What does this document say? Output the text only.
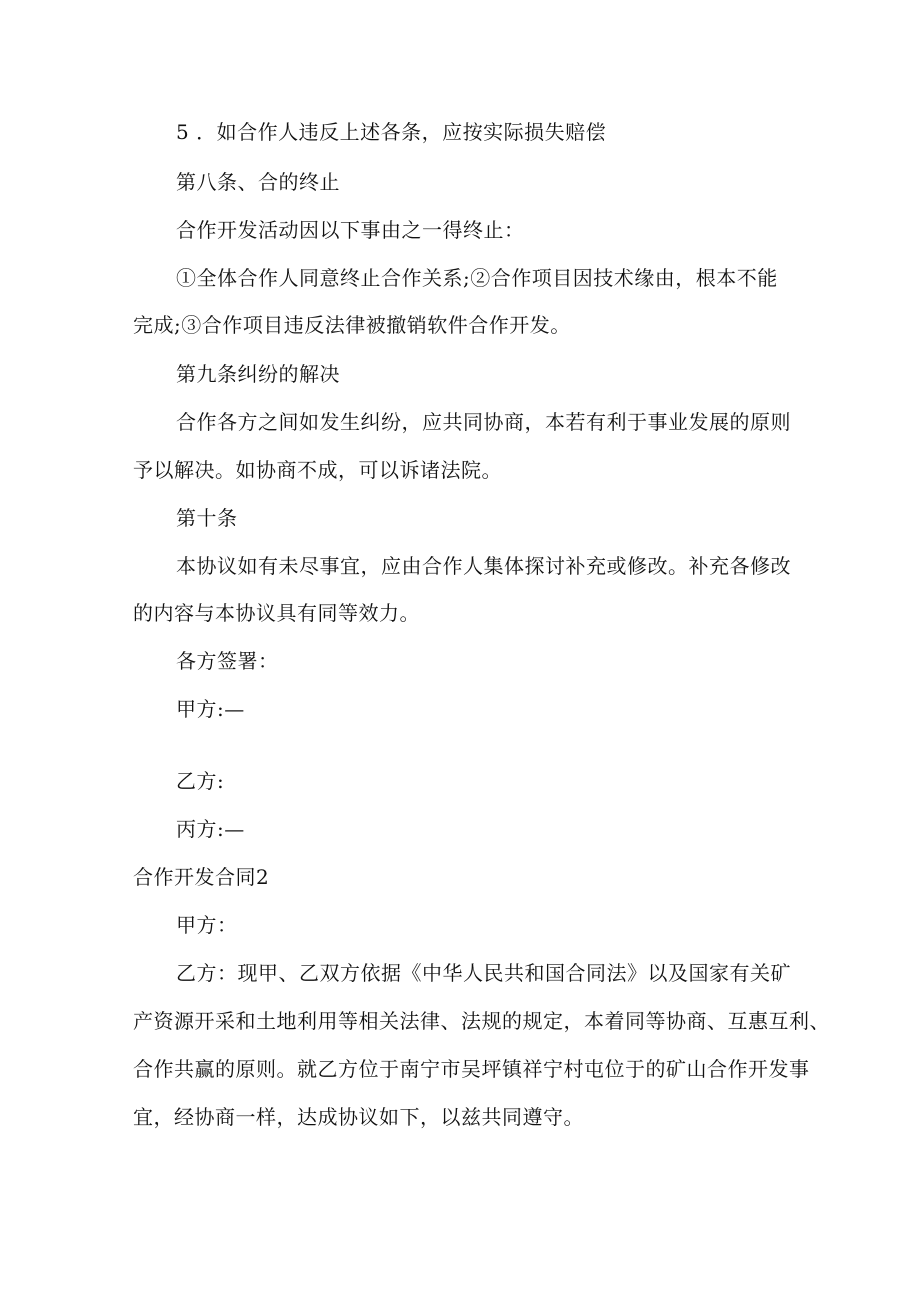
5 ．如合作人违反上述各条，应按实际损失赔偿
第八条、合的终止
合作开发活动因以下事由之一得终止：
①全体合作人同意终止合作关系;②合作项目因技术缘由，根本不能
完成;③合作项目违反法律被撤销软件合作开发。
第九条纠纷的解决
合作各方之间如发生纠纷，应共同协商，本若有利于事业发展的原则
予以解决。如协商不成，可以诉诸法院。
第十条
本协议如有未尽事宜，应由合作人集体探讨补充或修改。补充各修改
的内容与本协议具有同等效力。
各方签署：
甲方:—
乙方:
丙方:—
合作开发合同2
甲方：
乙方：现甲、乙双方依据《中华人民共和国合同法》以及国家有关矿
产资源开采和土地利用等相关法律、法规的规定，本着同等协商、互惠互利、
合作共赢的原则。就乙方位于南宁市吴坪镇祥宁村屯位于的矿山合作开发事
宜，经协商一样，达成协议如下，以兹共同遵守。
